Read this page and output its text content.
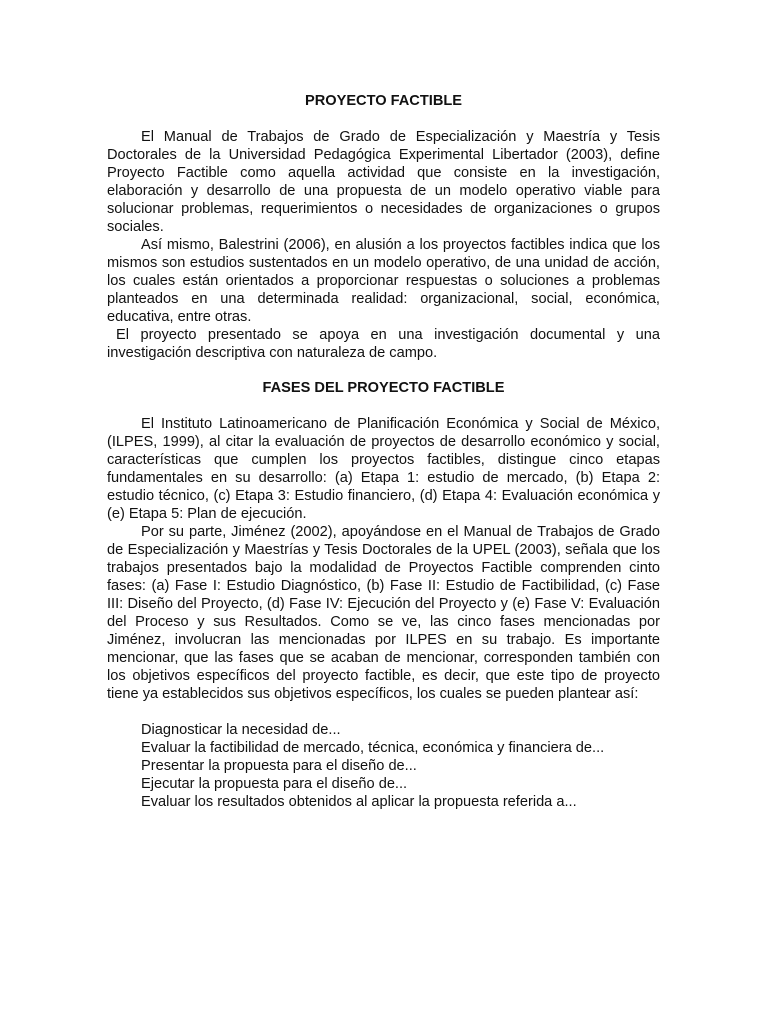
PROYECTO FACTIBLE

El Manual de Trabajos de Grado de Especialización y Maestría y Tesis Doctorales de la Universidad Pedagógica Experimental Libertador (2003), define Proyecto Factible como aquella actividad que consiste en la investigación, elaboración y desarrollo de una propuesta de un modelo operativo viable para solucionar problemas, requerimientos o necesidades de organizaciones o grupos sociales.

Así mismo, Balestrini (2006), en alusión a los proyectos factibles indica que los mismos son estudios sustentados en un modelo operativo, de una unidad de acción, los cuales están orientados a proporcionar respuestas o soluciones a problemas planteados en una determinada realidad: organizacional, social, económica, educativa, entre otras.

El proyecto presentado se apoya en una investigación documental y una investigación descriptiva con naturaleza de campo.

FASES DEL PROYECTO FACTIBLE

El Instituto Latinoamericano de Planificación Económica y Social de México, (ILPES, 1999), al citar la evaluación de proyectos de desarrollo económico y social, características que cumplen los proyectos factibles, distingue cinco etapas fundamentales en su desarrollo: (a) Etapa 1: estudio de mercado, (b) Etapa 2: estudio técnico, (c) Etapa 3: Estudio financiero, (d) Etapa 4: Evaluación económica y (e) Etapa 5: Plan de ejecución.

Por su parte, Jiménez (2002), apoyándose en el Manual de Trabajos de Grado de Especialización y Maestrías y Tesis Doctorales de la UPEL (2003), señala que los trabajos presentados bajo la modalidad de Proyectos Factible comprenden cinto fases: (a) Fase I: Estudio Diagnóstico, (b) Fase II: Estudio de Factibilidad, (c) Fase III: Diseño del Proyecto, (d) Fase IV: Ejecución del Proyecto y (e) Fase V: Evaluación del Proceso y sus Resultados. Como se ve, las cinco fases mencionadas por Jiménez, involucran las mencionadas por ILPES en su trabajo. Es importante mencionar, que las fases que se acaban de mencionar, corresponden también con los objetivos específicos del proyecto factible, es decir, que este tipo de proyecto tiene ya establecidos sus objetivos específicos, los cuales se pueden plantear así:

Diagnosticar la necesidad de...
Evaluar la factibilidad de mercado, técnica, económica y financiera de...
Presentar la propuesta para el diseño de...
Ejecutar la propuesta para el diseño de...
Evaluar los resultados obtenidos al aplicar la propuesta referida a...
